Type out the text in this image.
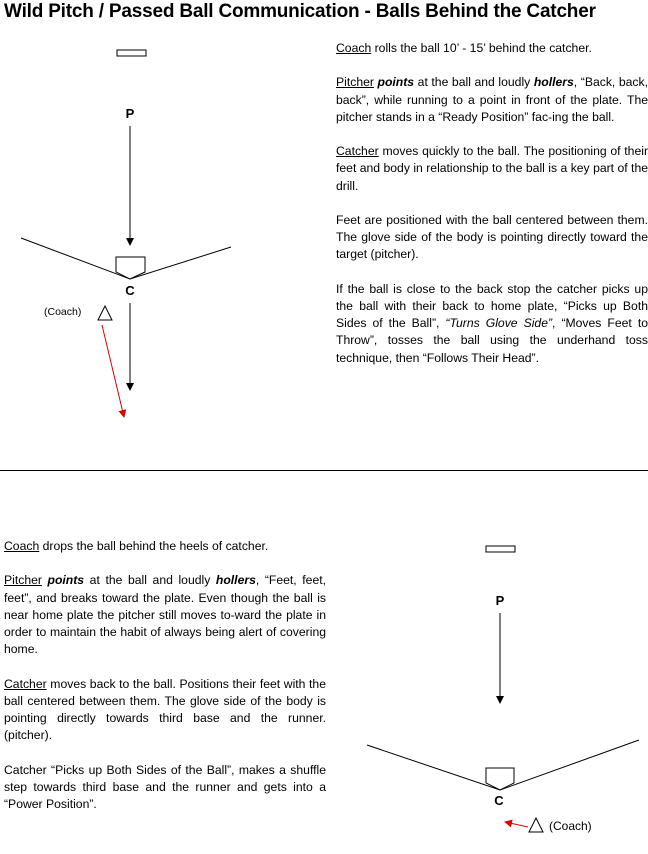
Wild Pitch / Passed Ball Communication - Balls Behind the Catcher
P
C
(Coach)

Coach rolls the ball 10’ - 15’ behind the catcher.

Pitcher points at the ball and loudly hollers, “Back, back, back”, while running to a point in front of the plate. The pitcher stands in a “Ready Position” fac-ing the ball.

Catcher moves quickly to the ball. The positioning of their feet and body in relationship to the ball is a key part of the drill.

Feet are positioned with the ball centered between them. The glove side of the body is pointing directly toward the target (pitcher).

If the ball is close to the back stop the catcher picks up the ball with their back to home plate, “Picks up Both Sides of the Ball”, “Turns Glove Side”, “Moves Feet to Throw”, tosses the ball using the underhand toss technique, then “Follows Their Head”.

Coach drops the ball behind the heels of catcher.

Pitcher points at the ball and loudly hollers, “Feet, feet, feet”, and breaks toward the plate. Even though the ball is near home plate the pitcher still moves to-ward the plate in order to maintain the habit of always being alert of covering home.

Catcher moves back to the ball. Positions their feet with the ball centered between them. The glove side of the body is pointing directly towards third base and the runner. (pitcher).

Catcher “Picks up Both Sides of the Ball”, makes a shuffle step towards third base and the runner and gets into a “Power Position”.

P
C
(Coach)
